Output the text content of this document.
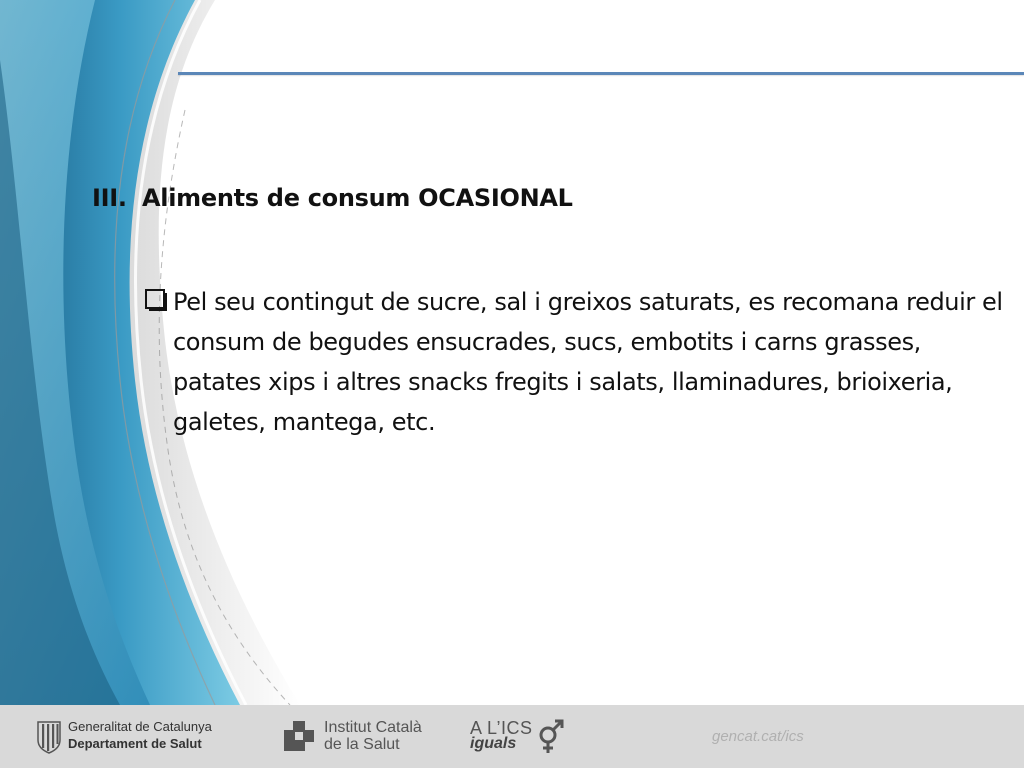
III. Aliments de consum OCASIONAL
Pel seu contingut de sucre, sal i greixos saturats, es recomana reduir el consum de begudes ensucrades, sucs, embotits i carns grasses, patates xips i altres snacks fregits i salats, llaminadures, brioixeria, galetes, mantega, etc.
Generalitat de Catalunya
Departament de Salut
Institut Català
de la Salut
A L’ICS
iguals	gencat.cat/ics
